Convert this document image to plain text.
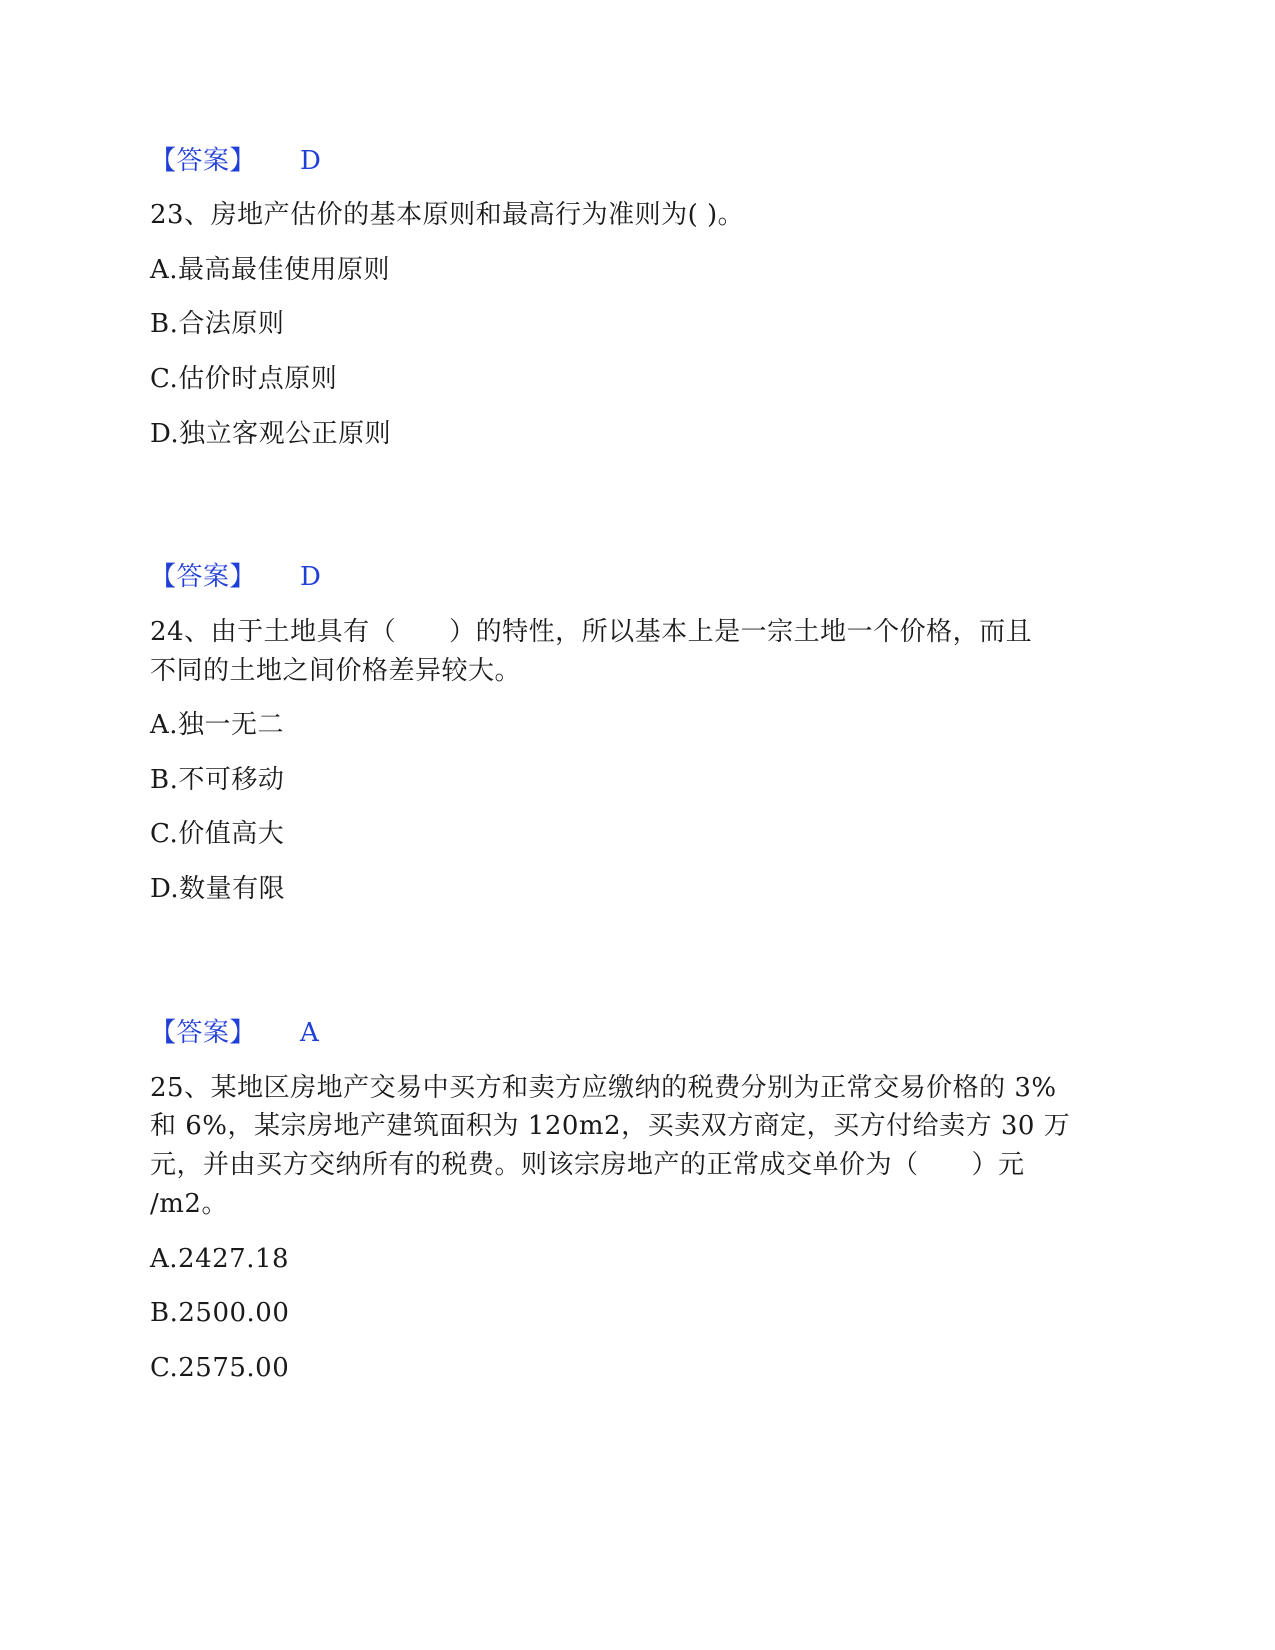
【答案】 D
23、房地产估价的基本原则和最高行为准则为( )。
A.最高最佳使用原则
B.合法原则
C.估价时点原则
D.独立客观公正原则
【答案】 D
24、由于土地具有（　　）的特性，所以基本上是一宗土地一个价格，而且
不同的土地之间价格差异较大。
A.独一无二
B.不可移动
C.价值高大
D.数量有限
【答案】 A
25、某地区房地产交易中买方和卖方应缴纳的税费分别为正常交易价格的 3%
和 6%，某宗房地产建筑面积为 120m2，买卖双方商定，买方付给卖方 30 万
元，并由买方交纳所有的税费。则该宗房地产的正常成交单价为（　　）元
/m2。
A.2427.18
B.2500.00
C.2575.00
